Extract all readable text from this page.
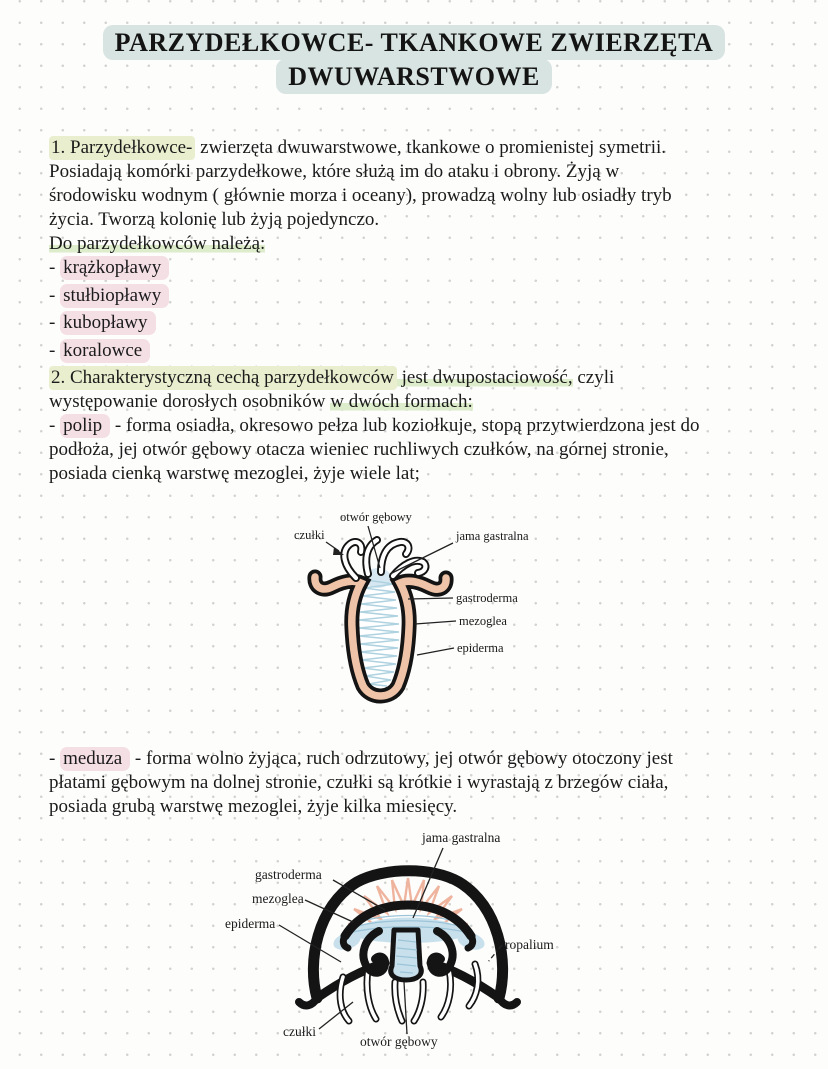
PARZYDEŁKOWCE- TKANKOWE ZWIERZĘTA
DWUWARSTWOWE
1. Parzydełkowce- zwierzęta dwuwarstwowe, tkankowe o promienistej symetrii.
Posiadają komórki parzydełkowe, które służą im do ataku i obrony. Żyją w
środowisku wodnym ( głównie morza i oceany), prowadzą wolny lub osiadły tryb
życia. Tworzą kolonię lub żyją pojedynczo.
Do parzydełkowców należą:
- krążkopławy
- stułbiopławy
- kubopławy
- koralowce
2. Charakterystyczną cechą parzydełkowców jest dwupostaciowość, czyli
występowanie dorosłych osobników w dwóch formach:
- polip - forma osiadła, okresowo pełza lub koziołkuje, stopą przytwierdzona jest do
podłoża, jej otwór gębowy otacza wieniec ruchliwych czułków, na górnej stronie,
posiada cienką warstwę mezoglei, żyje wiele lat;
otwór gębowy
czułki	jama gastralna
gastroderma
mezoglea
epiderma
- meduza - forma wolno żyjąca, ruch odrzutowy, jej otwór gębowy otoczony jest
płatami gębowym na dolnej stronie, czułki są krótkie i wyrastają z brzegów ciała,
posiada grubą warstwę mezoglei, żyje kilka miesięcy.
jama gastralna
gastroderma
mezoglea
epiderma
ropalium
czułki
otwór gębowy
